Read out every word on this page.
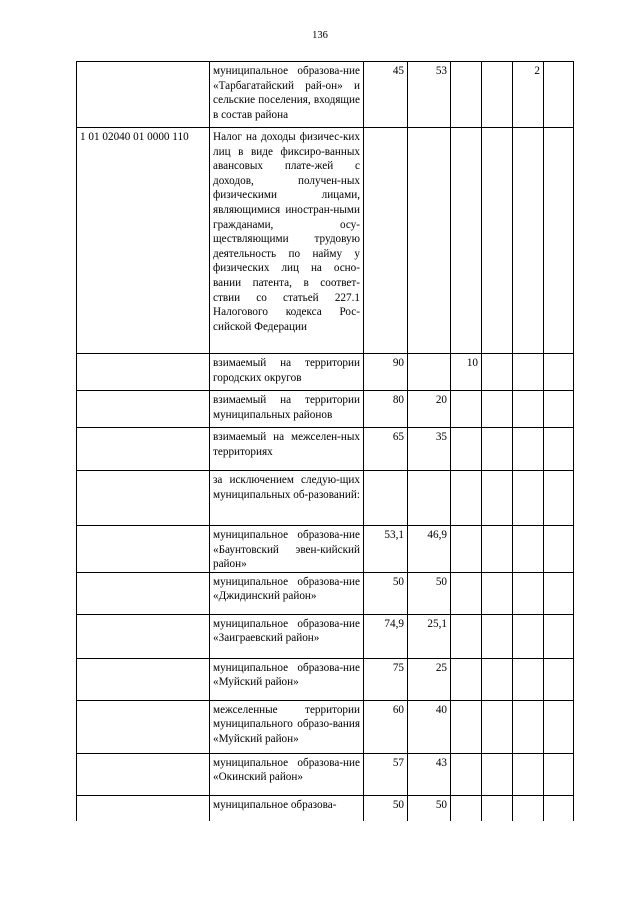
136
	муниципальное образова-ние «Тарбагатайский рай-он» и сельские поселения, входящие в состав района	45	53			2	
1 01 02040 01 0000 110	Налог на доходы физичес-ких лиц в виде фиксиро-ванных авансовых плате-жей с доходов, получен-ных физическими лицами, являющимися иностран-ными гражданами, осу-ществляющими трудовую деятельность по найму у физических лиц на осно-вании патента, в соответ-ствии со статьей 227.1 Налогового кодекса Рос-сийской Федерации						
	взимаемый на территории городских округов	90		10			
	взимаемый на территории муниципальных районов	80	20				
	взимаемый на межселен-ных территориях	65	35				
	за исключением следую-щих муниципальных об-разований:						
	муниципальное образова-ние «Баунтовский эвен-кийский район»	53,1	46,9				
	муниципальное образова-ние «Джидинский район»	50	50				
	муниципальное образова-ние «Заиграевский район»	74,9	25,1				
	муниципальное образова-ние «Муйский район»	75	25				
	межселенные территории муниципального образо-вания «Муйский район»	60	40				
	муниципальное образова-ние «Окинский район»	57	43				
	муниципальное образова-	50	50				
